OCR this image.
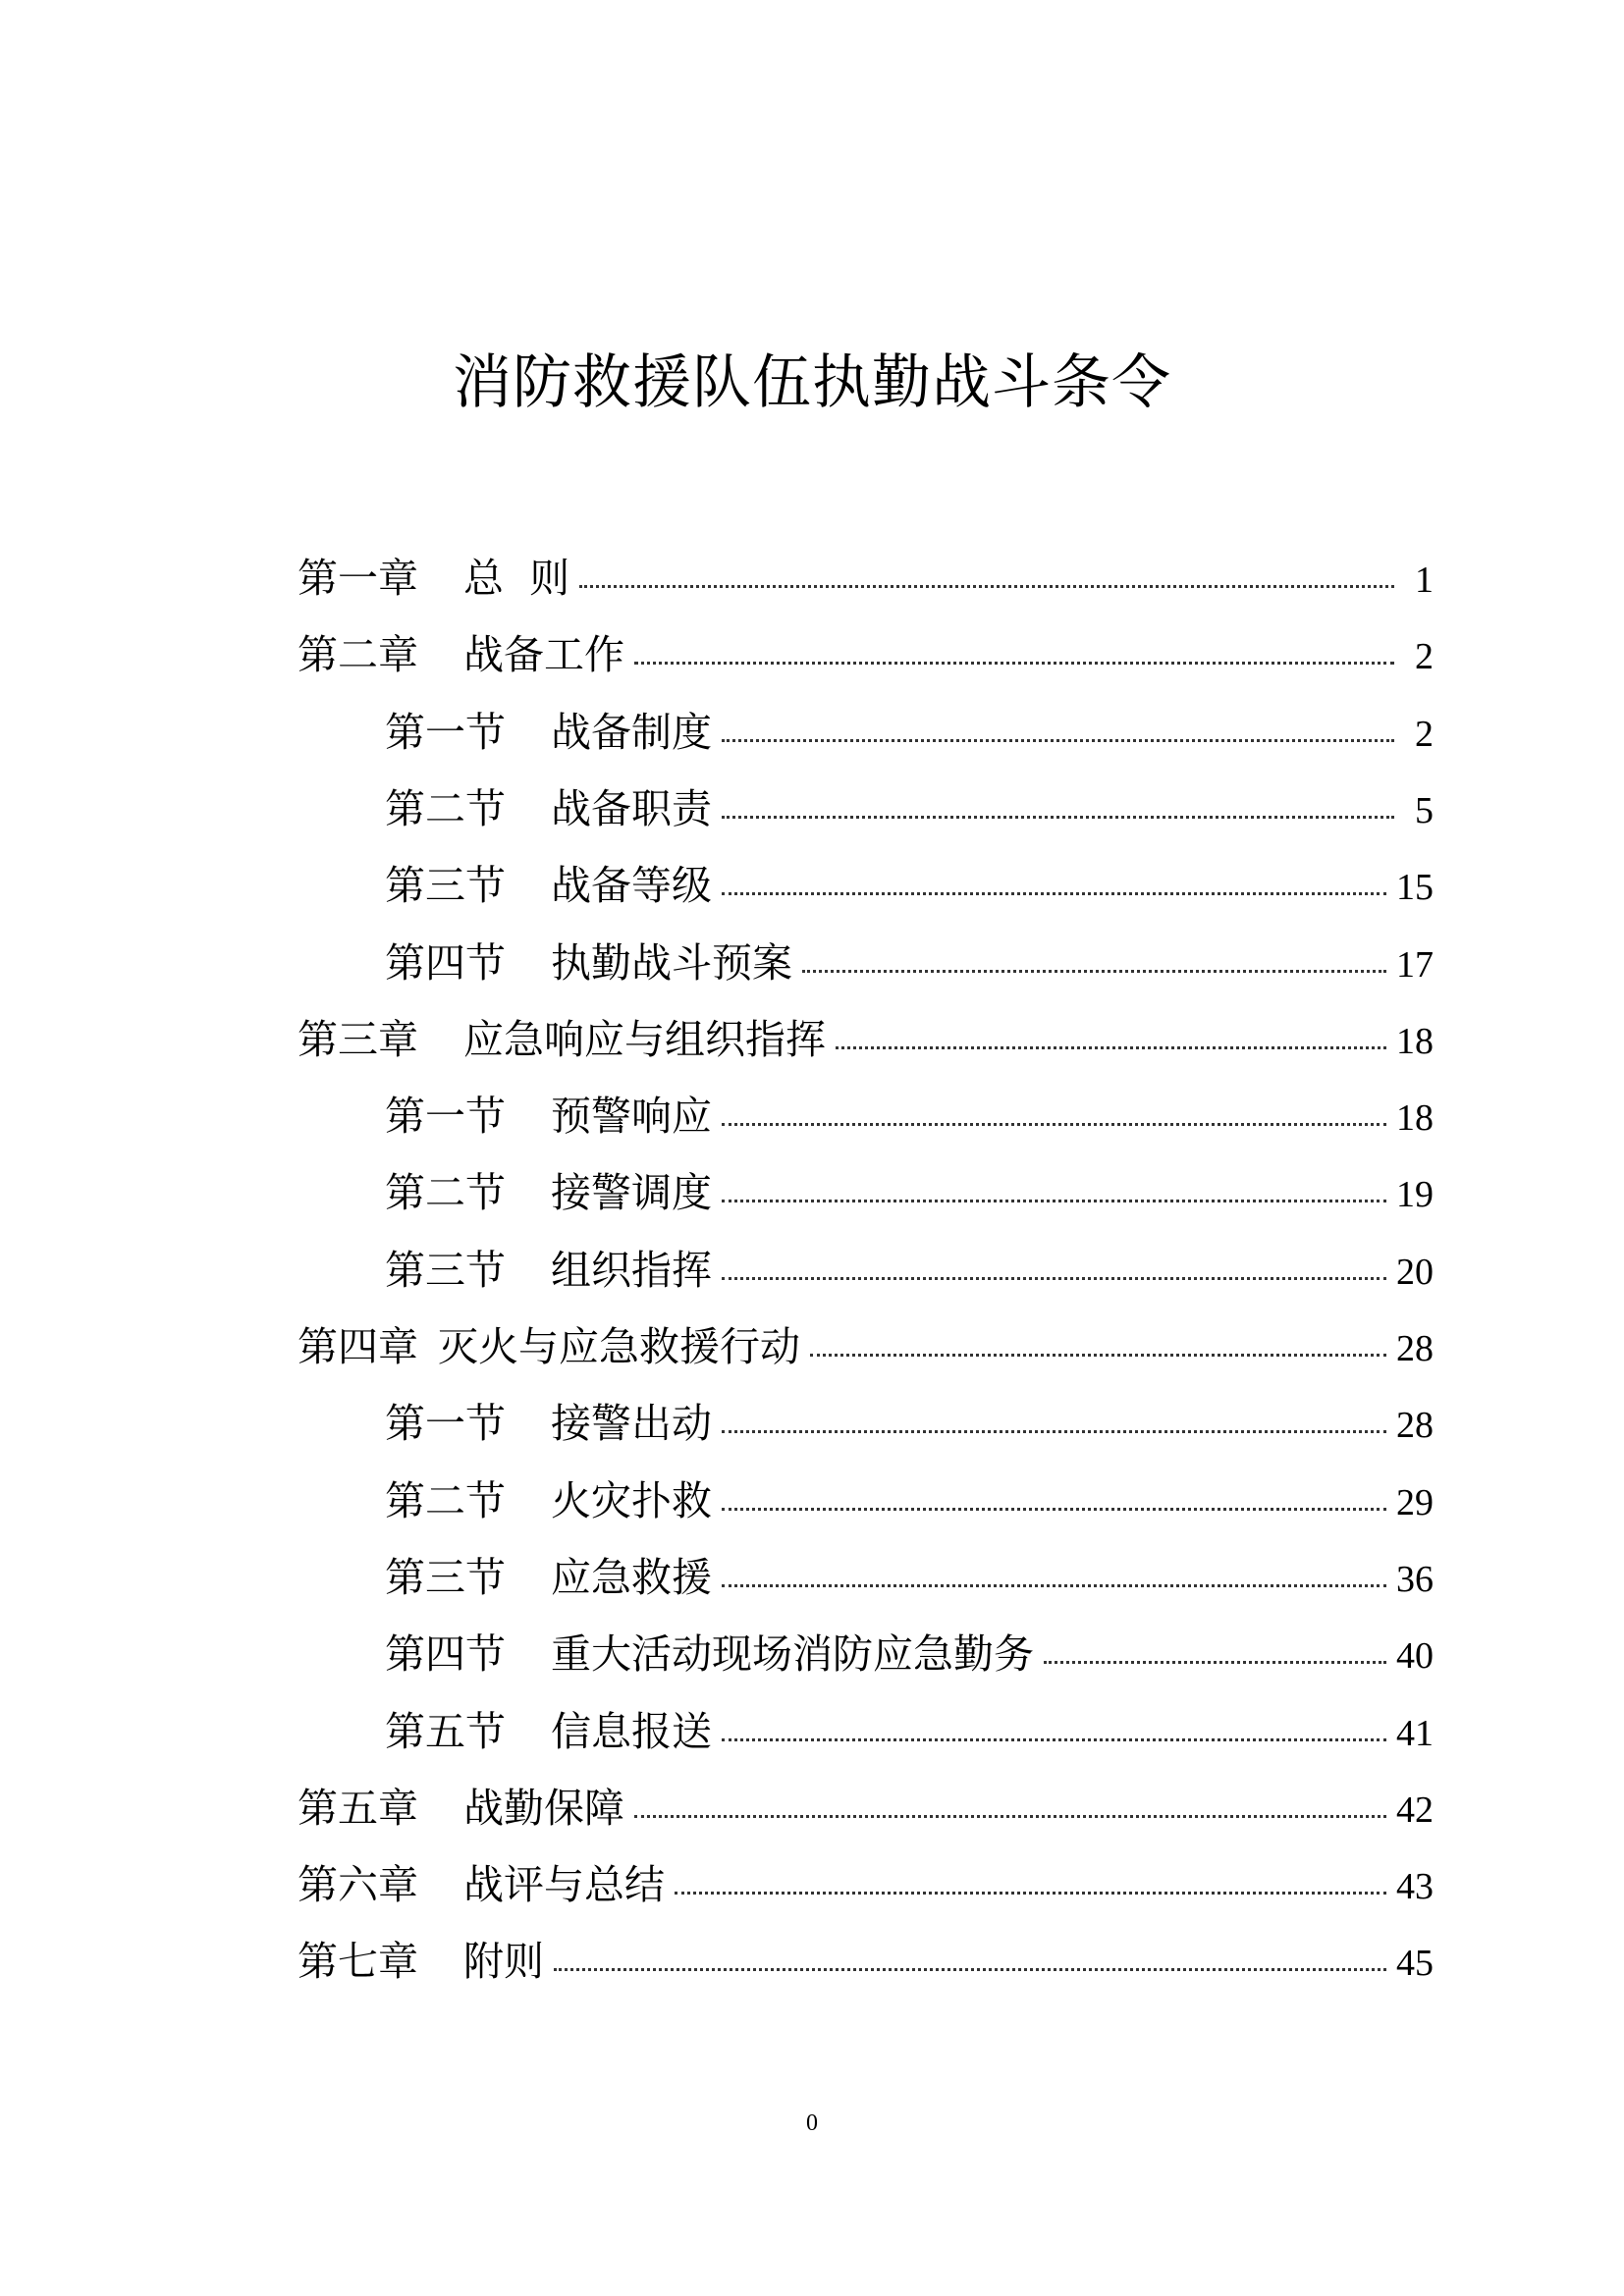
消防救援队伍执勤战斗条令
第一章 总  则	1
第二章 战备工作	2
第一节 战备制度	2
第二节 战备职责	5
第三节 战备等级	15
第四节 执勤战斗预案	17
第三章 应急响应与组织指挥	18
第一节 预警响应	18
第二节 接警调度	19
第三节 组织指挥	20
第四章 灭火与应急救援行动	28
第一节 接警出动	28
第二节 火灾扑救	29
第三节 应急救援	36
第四节 重大活动现场消防应急勤务	40
第五节 信息报送	41
第五章 战勤保障	42
第六章 战评与总结	43
第七章 附则	45
0
